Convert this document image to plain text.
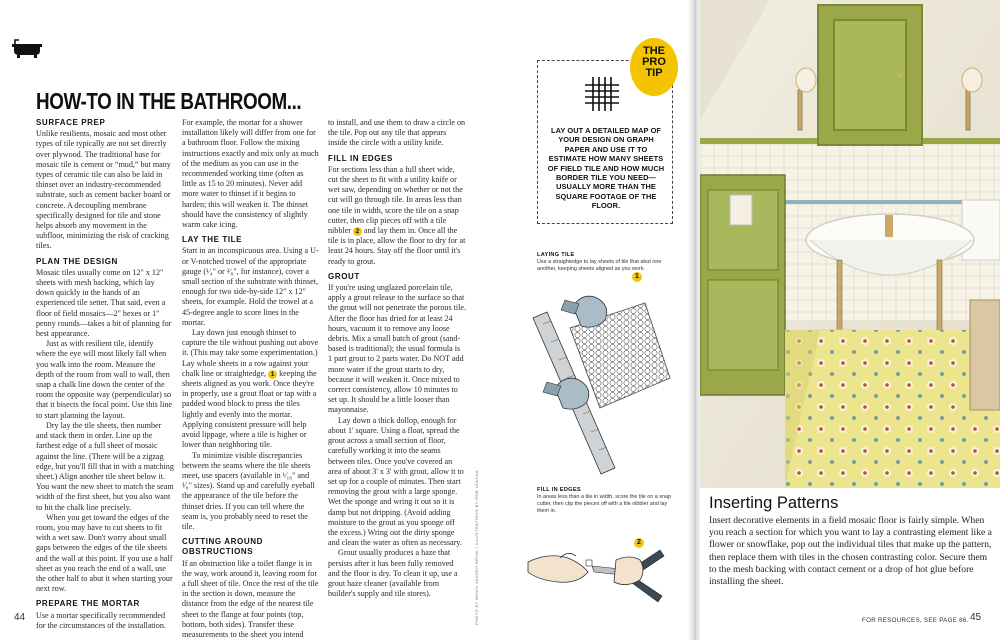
HOW-TO IN THE BATHROOM...
SURFACE PREP

Unlike resilients, mosaic and most other types of tile typically are not set directly over plywood. The traditional base for mosaic tile is cement or “mud,” but many types of ceramic tile can also be laid in thinset over an industry-recommended substrate, such as cement backer board or concrete. A decoupling membrane specifically designed for tile and stone helps absorb any movement in the subfloor, minimizing the risk of cracking tiles.

PLAN THE DESIGN

Mosaic tiles usually come on 12" x 12" sheets with mesh backing, which lay down quickly in the hands of an experienced tile setter. That said, even a floor of field mosaics—2" hexes or 1" penny rounds—takes a bit of planning for best appearance.

Just as with resilient tile, identify where the eye will most likely fall when you walk into the room. Measure the depth of the room from wall to wall, then snap a chalk line down the center of the room the opposite way (perpendicular) so that it bisects the focal point. Use this line to start planning the layout.

Dry lay the tile sheets, then number and stack them in order. Line up the farthest edge of a full sheet of mosaic against the line. (There will be a zigzag edge, but you'll fill that in with a matching sheet.) Align another tile sheet below it. You want the new sheet to match the seam width of the first sheet, but you also want to hit the chalk line precisely.

When you get toward the edges of the room, you may have to cut sheets to fit with a wet saw. Don't worry about small gaps between the edges of the tile sheets and the wall at this point. If you use a half sheet as you reach the end of a wall, use the other half to abut it when starting your next row.

PREPARE THE MORTAR

Use a mortar specifically recommended for the circumstances of the installation.

For example, the mortar for a shower installation likely will differ from one for a bathroom floor. Follow the mixing instructions exactly and mix only as much of the medium as you can use in the recommended working time (often as little as 15 to 20 minutes). Never add more water to thinset if it begins to harden; this will weaken it. The thinset should have the consistency of slightly warm cake icing.

LAY THE TILE

Start in an inconspicuous area. Using a U- or V-notched trowel of the appropriate gauge (¹⁄₄" or ³⁄₈", for instance), cover a small section of the substrate with thinset, enough for two side-by-side 12" x 12" sheets, for example. Hold the trowel at a 45-degree angle to score lines in the mortar.

Lay down just enough thinset to capture the tile without pushing out above it. (This may take some experimentation.) Lay whole sheets in a row against your chalk line or straightedge, 1 keeping the sheets aligned as you work. Once they're in properly, use a grout float or tap with a padded wood block to press the tiles lightly and evenly into the mortar. Applying consistent pressure will help avoid lippage, where a tile is higher or lower than neighboring tile.

To minimize visible discrepancies between the seams where the tile sheets meet, use spacers (available in ¹⁄₁₆" and ¹⁄₈" sizes). Stand up and carefully eyeball the appearance of the tile before the thinset dries. If you can tell where the seam is, you probably need to reset the tile.

CUTTING AROUND OBSTRUCTIONS

If an obstruction like a toilet flange is in the way, work around it, leaving room for a full sheet of tile. Once the rest of the tile in the section is down, measure the distance from the edge of the nearest tile sheet to the flange at four points (top, bottom, both sides). Transfer these measurements to the sheet you intend

to install, and use them to draw a circle on the tile. Pop out any tile that appears inside the circle with a utility knife.

FILL IN EDGES

For sections less than a full sheet wide, cut the sheet to fit with a utility knife or wet saw, depending on whether or not the cut will go through tile. In areas less than one tile in width, score the tile on a snap cutter, then clip pieces off with a tile nibbler 2 and lay them in. Once all the tile is in place, allow the floor to dry for at least 24 hours. Stay off the floor until it's ready to grout.

GROUT

If you're using unglazed porcelain tile, apply a grout release to the surface so that the grout will not penetrate the porous tile. After the floor has dried for at least 24 hours, vacuum it to remove any loose debris. Mix a small batch of grout (sand-based is traditional); the usual formula is 1 part grout to 2 parts water. Do NOT add more water if the grout starts to dry, because it will weaken it. Once mixed to correct consistency, allow 10 minutes to set up. It should be a little looser than mayonnaise.

Lay down a thick dollop, enough for about 1' square. Using a float, spread the grout across a small section of floor, carefully working it into the seams between tiles. Once you've covered an area of about 3' x 3' with grout, allow it to set up for a couple of minutes. Then start removing the grout with a large sponge. Wet the sponge and wring it out so it is damp but not dripping. (Avoid adding moisture to the grout as you sponge off the excess.) Wring out the dirty sponge and clean the water as often as necessary.

Grout usually produces a haze that persists after it has been fully removed and the floor is dry. To clean it up, use a grout haze cleaner (available from builder's supply and tile stores).	PHOTO BY BRIAN VANDEN BRINK / ILLUSTRATIONS BY ROB LEANNA
44
THE
PRO
TIP
LAY OUT A DETAILED MAP OF YOUR DESIGN ON GRAPH PAPER AND USE IT TO ESTIMATE HOW MANY SHEETS OF FIELD TILE AND HOW MUCH BORDER TILE YOU NEED—USUALLY MORE THAN THE SQUARE FOOTAGE OF THE FLOOR.
LAYING TILE
Use a straightedge to lay sheets of tile that abut one another, keeping sheets aligned as you work.
1
FILL IN EDGES
In areas less than a tile in width, score the tile on a snap cutter, then clip the pieces off with a tile nibbler and lay them in.
2
Inserting Patterns
Insert decorative elements in a field mosaic floor is fairly simple. When you reach a section for which you want to lay a contrasting element like a flower or snowflake, pop out the individual tiles that make up the pattern, then replace them with tiles in the chosen contrasting color. Secure them to the mesh backing with contact cement or a drop of hot glue before installing the sheet.
FOR RESOURCES, SEE PAGE 86. 45
